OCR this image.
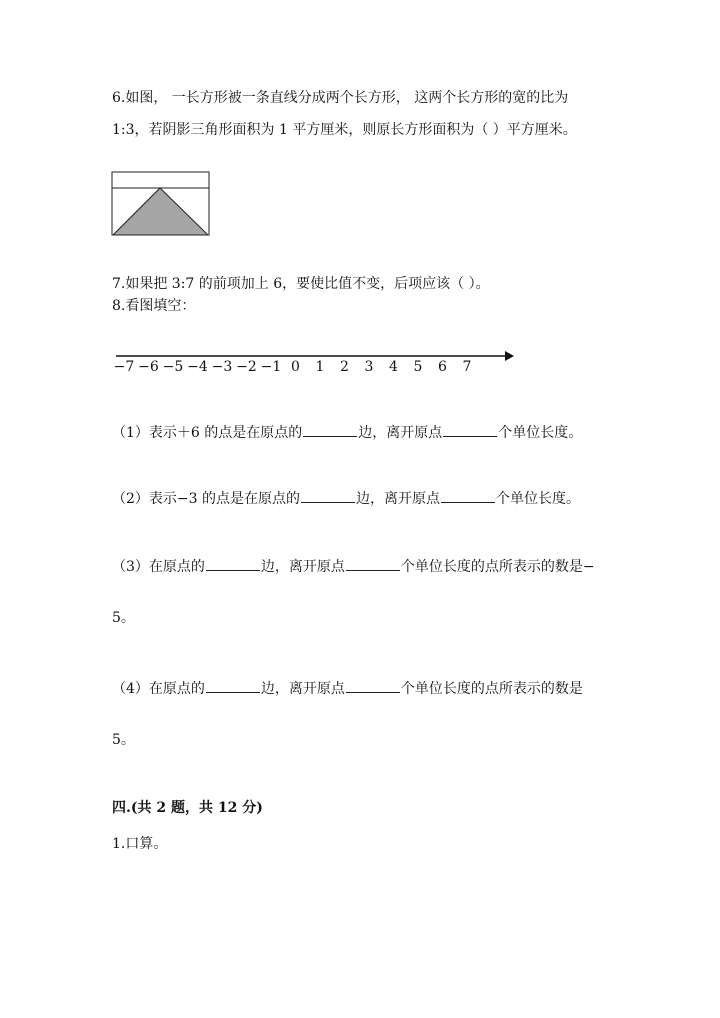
6.如图， 一长方形被一条直线分成两个长方形， 这两个长方形的宽的比为
1:3，若阴影三角形面积为 1 平方厘米，则原长方形面积为（ ）平方厘米。
7.如果把 3:7 的前项加上 6，要使比值不变，后项应该（ ）。
8.看图填空：
−7 −6 −5 −4 −3 −2 −1 0 1 2 3 4 5 6 7
（1）表示＋6 的点是在原点的	边，离开原点	个单位长度。
（2）表示−3 的点是在原点的	边，离开原点	个单位长度。
（3）在原点的	边，离开原点	个单位长度的点所表示的数是−
5。
（4）在原点的	边，离开原点	个单位长度的点所表示的数是
5。
四.(共 2 题，共 12 分)
1.口算。
